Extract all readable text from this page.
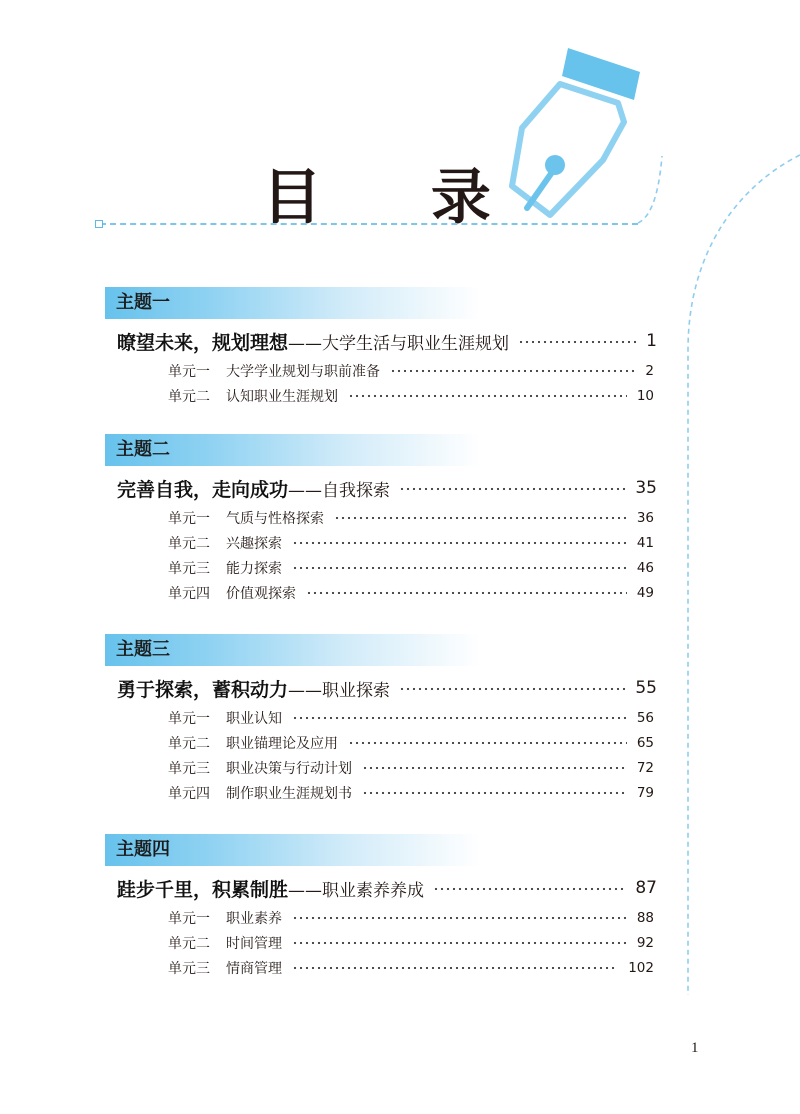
目 录
主题一
暸望未来，规划理想 ——大学生活与职业生涯规划	1
单元一	大学学业规划与职前准备	2
单元二	认知职业生涯规划	10
主题二
完善自我，走向成功 ——自我探索	35
单元一	气质与性格探索	36
单元二	兴趣探索	41
单元三	能力探索	46
单元四	价值观探索	49
主题三
勇于探索，蓄积动力 ——职业探索	55
单元一	职业认知	56
单元二	职业锚理论及应用	65
单元三	职业决策与行动计划	72
单元四	制作职业生涯规划书	79
主题四
跬步千里，积累制胜 ——职业素养养成	87
单元一	职业素养	88
单元二	时间管理	92
单元三	情商管理	102
1
